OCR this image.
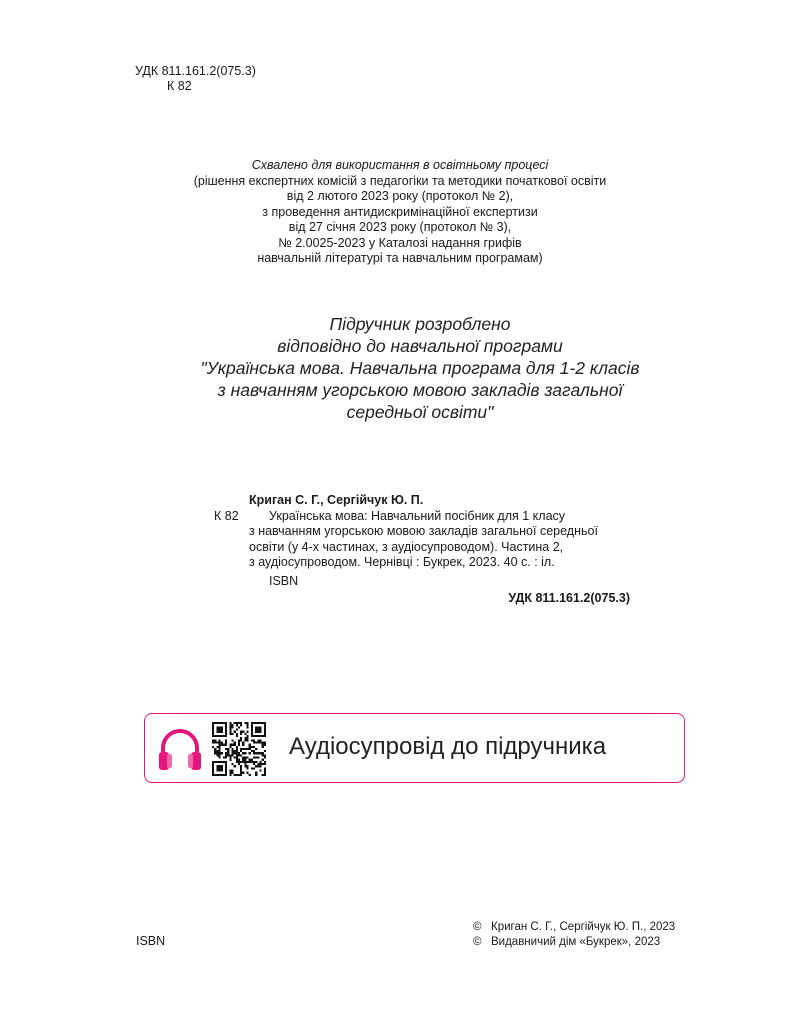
УДК 811.161.2(075.3)
К 82
Схвалено для використання в освітньому процесі
(рішення експертних комісій з педагогіки та методики початкової освіти
від 2 лютого 2023 року (протокол № 2),
з проведення антидискримінаційної експертизи
від 27 січня 2023 року (протокол № 3),
№ 2.0025-2023 у Каталозі надання грифів
навчальній літературі та навчальним програмам)
Підручник розроблено
відповідно до навчальної програми
"Українська мова. Навчальна програма для 1-2 класів
з навчанням угорською мовою закладів загальної
середньої освіти"
Криган С. Г., Сергійчук Ю. П.
К 82	Українська мова: Навчальний посібник для 1 класу
з навчанням угорською мовою закладів загальної середньої
освіти (у 4-х частинах, з аудіосупроводом). Частина 2,
з аудіосупроводом. Чернівці : Букрек, 2023. 40 с. : іл.
ISBN
УДК 811.161.2(075.3)
Аудіосупровід до підручника
ISBN
© Криган С. Г., Сергійчук Ю. П., 2023
© Видавничий дім «Букрек», 2023
